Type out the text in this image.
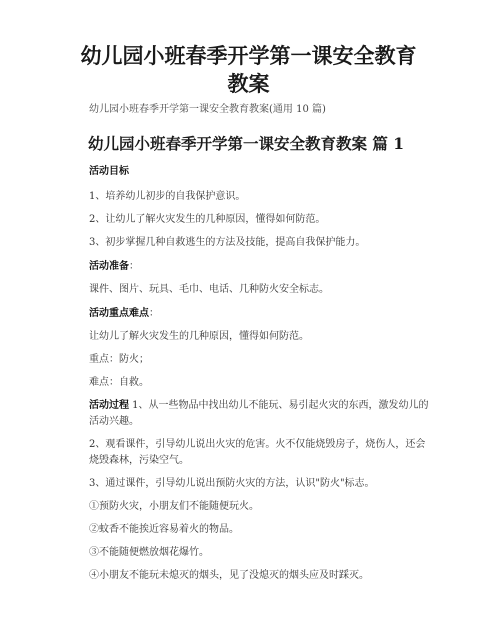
幼儿园小班春季开学第一课安全教育
教案

幼儿园小班春季开学第一课安全教育教案(通用 10 篇)

幼儿园小班春季开学第一课安全教育教案 篇 1

活动目标

1、培养幼儿初步的自我保护意识。

2、让幼儿了解火灾发生的几种原因，懂得如何防范。

3、初步掌握几种自救逃生的方法及技能，提高自我保护能力。

活动准备：

课件、图片、玩具、毛巾、电话、几种防火安全标志。

活动重点难点：

让幼儿了解火灾发生的几种原因，懂得如何防范。

重点：防火；

难点：自救。

活动过程 1、从一些物品中找出幼儿不能玩、易引起火灾的东西，激发幼儿的
活动兴趣。

2、观看课件，引导幼儿说出火灾的危害。火不仅能烧毁房子，烧伤人，还会
烧毁森林，污染空气。

3、通过课件，引导幼儿说出预防火灾的方法，认识"防火"标志。

①预防火灾，小朋友们不能随便玩火。

②蚊香不能挨近容易着火的物品。

③不能随便燃放烟花爆竹。

④小朋友不能玩未熄灭的烟头，见了没熄灭的烟头应及时踩灭。
